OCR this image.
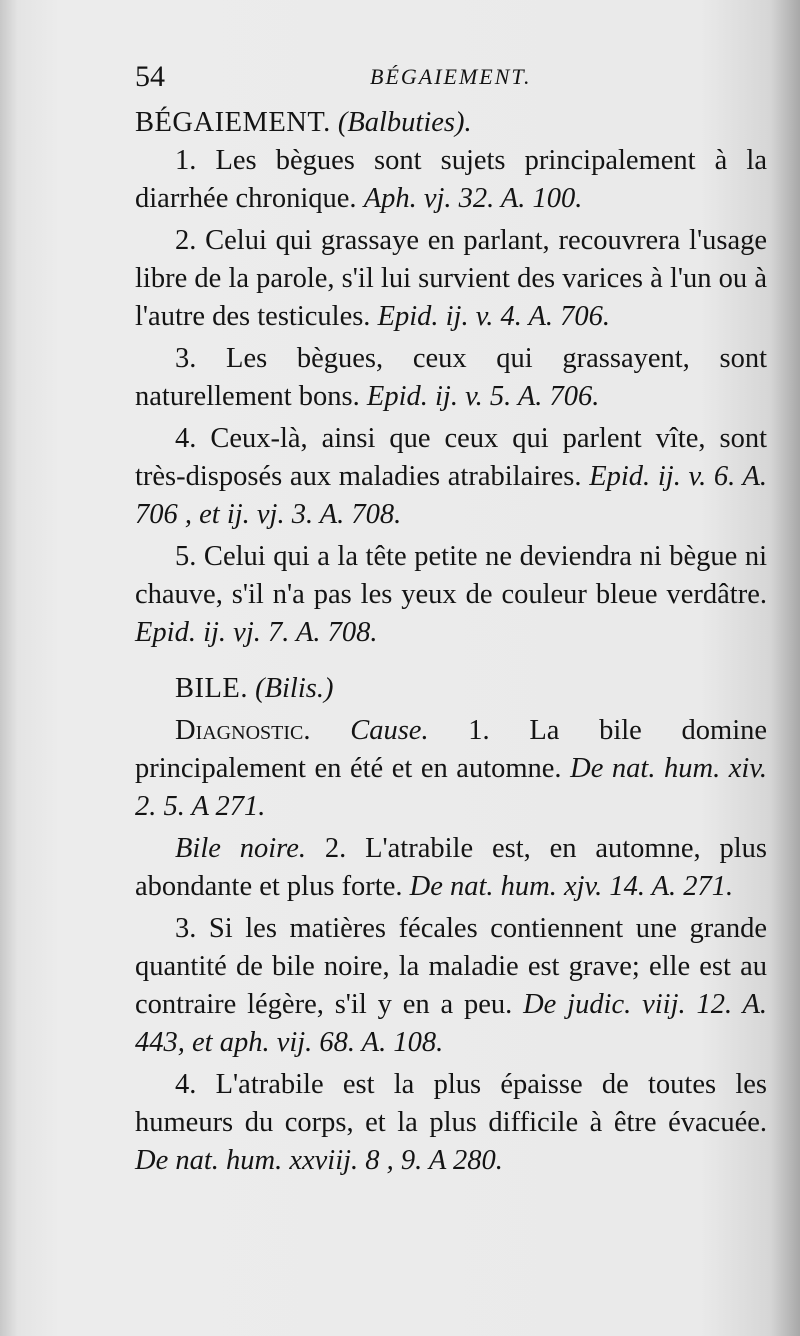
54	BÉGAIEMENT.
BÉGAIEMENT. (Balbuties).

1. Les bègues sont sujets principalement à la diarrhée chronique. Aph. vj. 32. A. 100.

2. Celui qui grassaye en parlant, recouvrera l'usage libre de la parole, s'il lui survient des varices à l'un ou à l'autre des testicules. Epid. ij. v. 4. A. 706.

3. Les bègues, ceux qui grassayent, sont naturellement bons. Epid. ij. v. 5. A. 706.

4. Ceux-là, ainsi que ceux qui parlent vîte, sont très-disposés aux maladies atrabilaires. Epid. ij. v. 6. A. 706 , et ij. vj. 3. A. 708.

5. Celui qui a la tête petite ne deviendra ni bègue ni chauve, s'il n'a pas les yeux de couleur bleue verdâtre. Epid. ij. vj. 7. A. 708.

BILE. (Bilis.)

Diagnostic. Cause. 1. La bile domine principalement en été et en automne. De nat. hum. xiv. 2. 5. A 271.

Bile noire. 2. L'atrabile est, en automne, plus abondante et plus forte. De nat. hum. xjv. 14. A. 271.

3. Si les matières fécales contiennent une grande quantité de bile noire, la maladie est grave; elle est au contraire légère, s'il y en a peu. De judic. viij. 12. A. 443, et aph. vij. 68. A. 108.

4. L'atrabile est la plus épaisse de toutes les humeurs du corps, et la plus difficile à être évacuée. De nat. hum. xxviij. 8 , 9. A 280.
